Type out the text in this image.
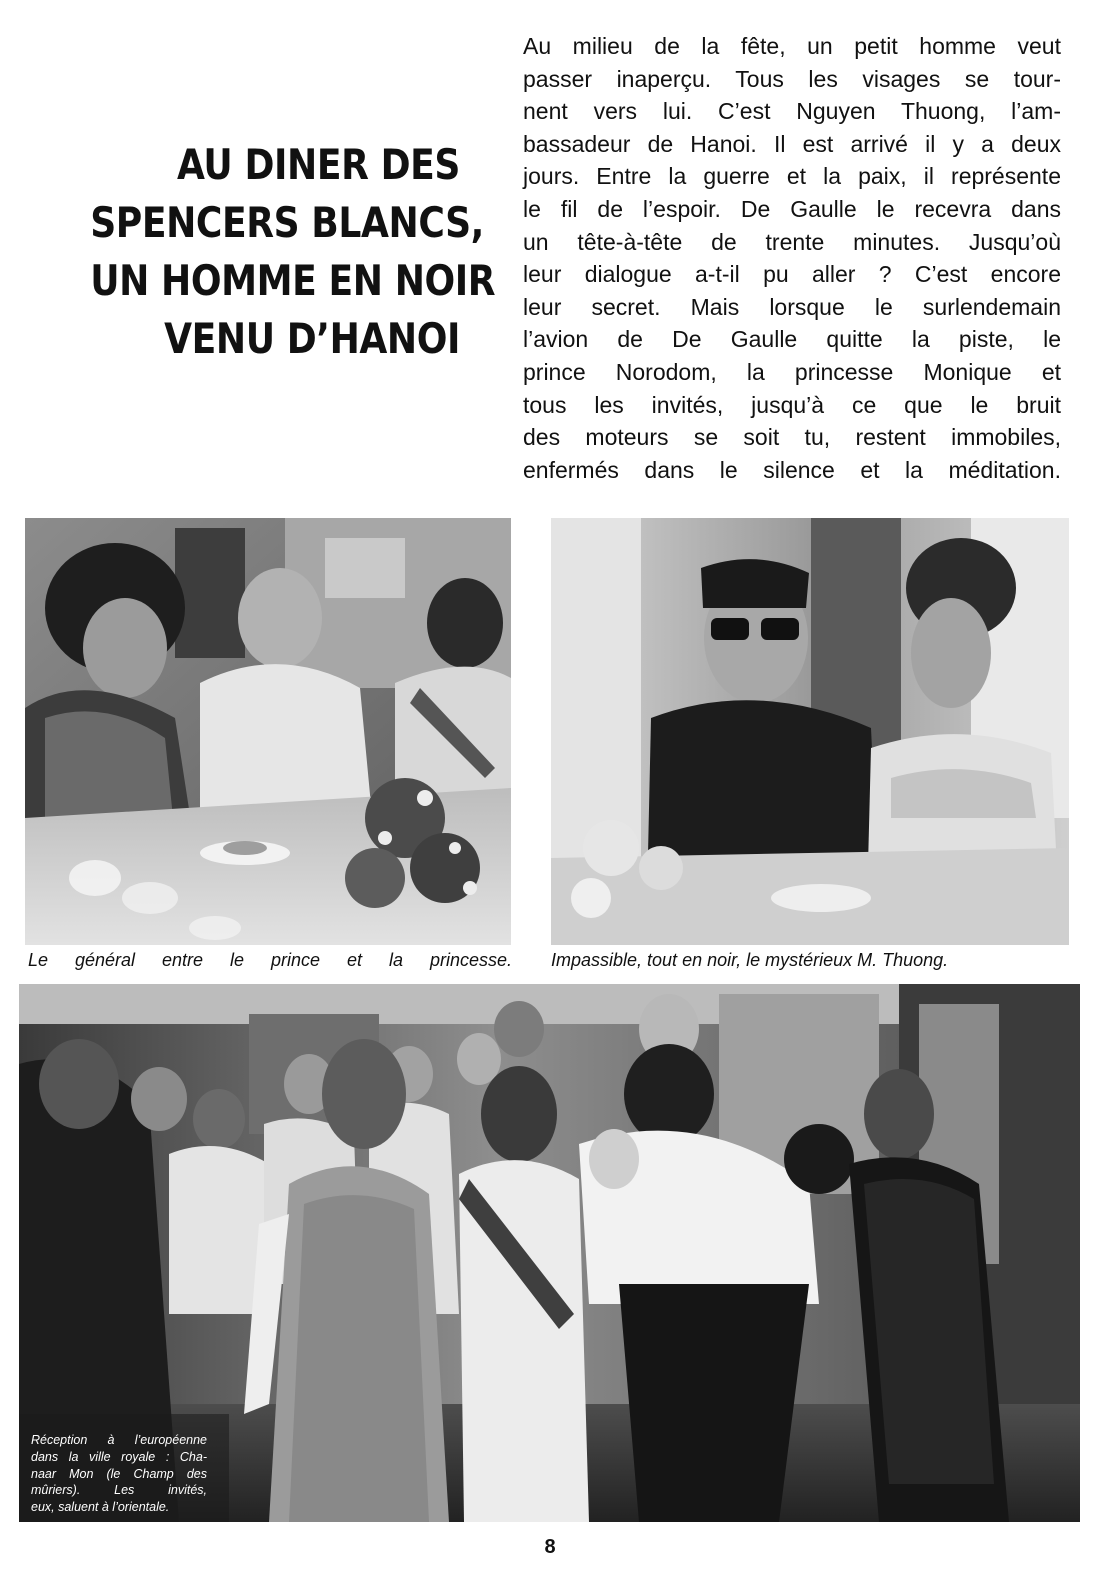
AU DINER DES
SPENCERS BLANCS,
UN HOMME EN NOIR
VENU D’HANOI
Au milieu de la fête, un petit homme veut
passer inaperçu. Tous les visages se tour-
nent vers lui. C’est Nguyen Thuong, l’am-
bassadeur de Hanoi. Il est arrivé il y a deux
jours. Entre la guerre et la paix, il représente
le fil de l’espoir. De Gaulle le recevra dans
un tête-à-tête de trente minutes. Jusqu’où
leur dialogue a-t-il pu aller ? C’est encore
leur secret. Mais lorsque le surlendemain
l’avion de De Gaulle quitte la piste, le
prince Norodom, la princesse Monique et
tous les invités, jusqu’à ce que le bruit
des moteurs se soit tu, restent immobiles,
enfermés dans le silence et la méditation.
Le général entre le prince et la princesse. Impassible, tout en noir, le mystérieux M. Thuong.
Réception à l’européenne
dans la ville royale : Cha-
naar Mon (le Champ des
mûriers). Les invités,
eux, saluent à l’orientale.
8
